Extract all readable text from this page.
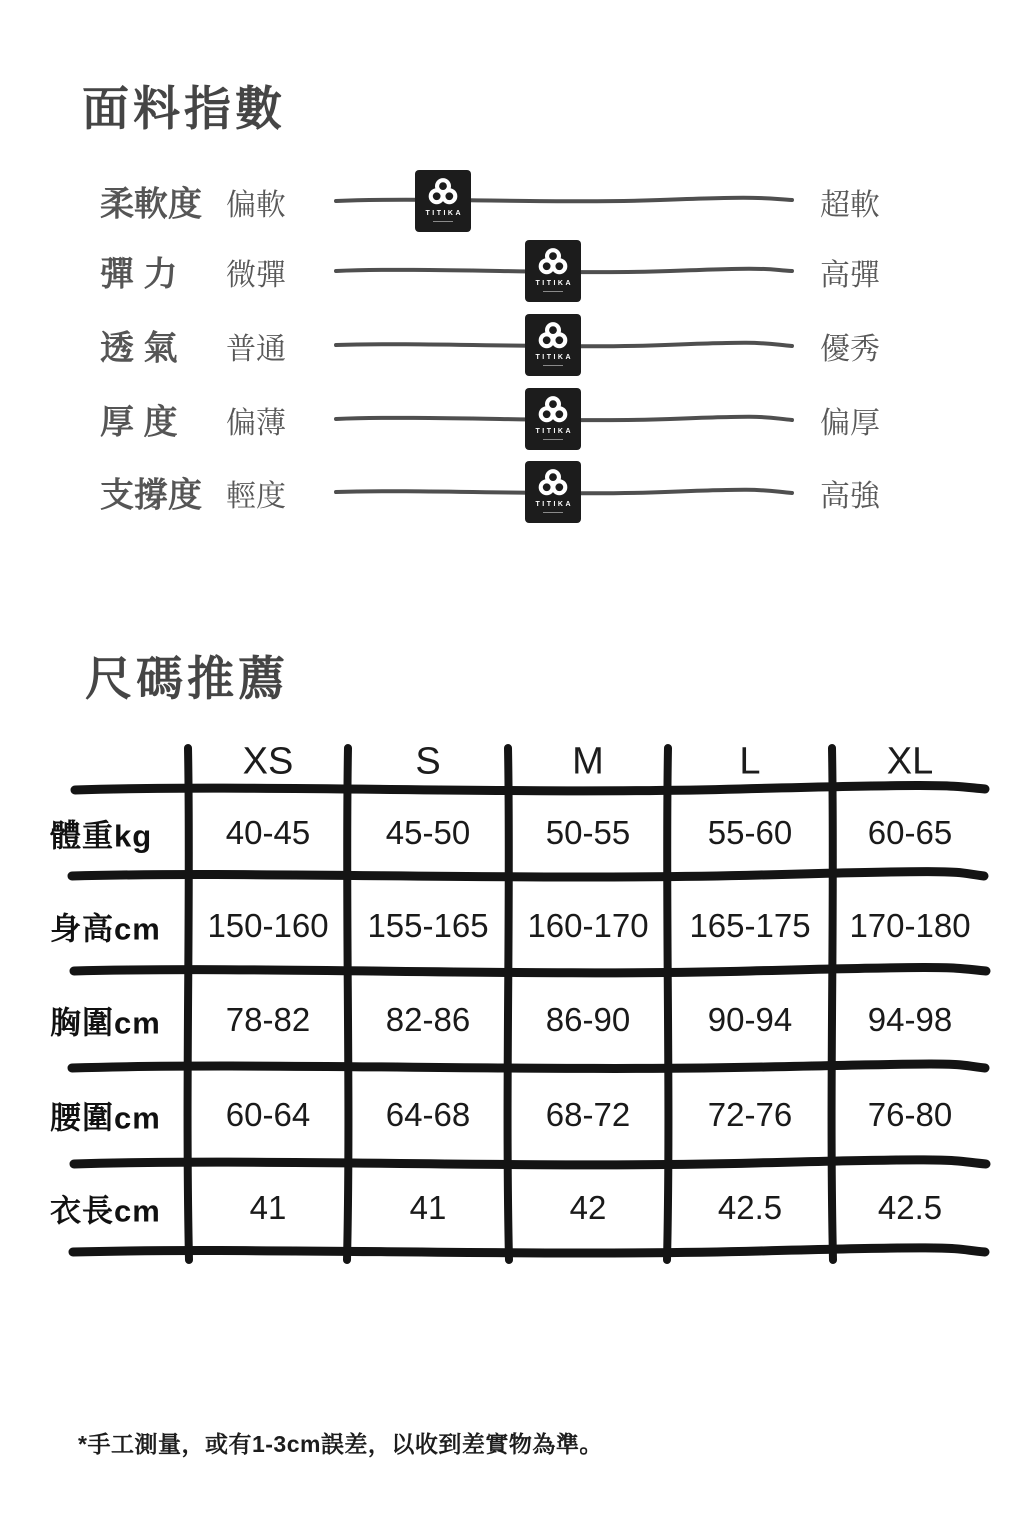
面料指數
柔軟度 偏軟	超軟
TITIKA
彈 力 微彈	高彈
TITIKA
透 氣 普通	優秀
TITIKA
厚 度 偏薄	偏厚
TITIKA
支撐度 輕度	高強
TITIKA
尺碼推薦
XS	S	M	L	XL
體重kg 40-45 45-50 50-55 55-60 60-65
身高cm 150-160 155-165 160-170 165-175 170-180
胸圍cm 78-82 82-86 86-90 90-94 94-98
腰圍cm 60-64 64-68 68-72 72-76 76-80
衣長cm	41	41	42	42.5	42.5
*手工測量，或有1-3cm誤差，以收到差實物為準。
